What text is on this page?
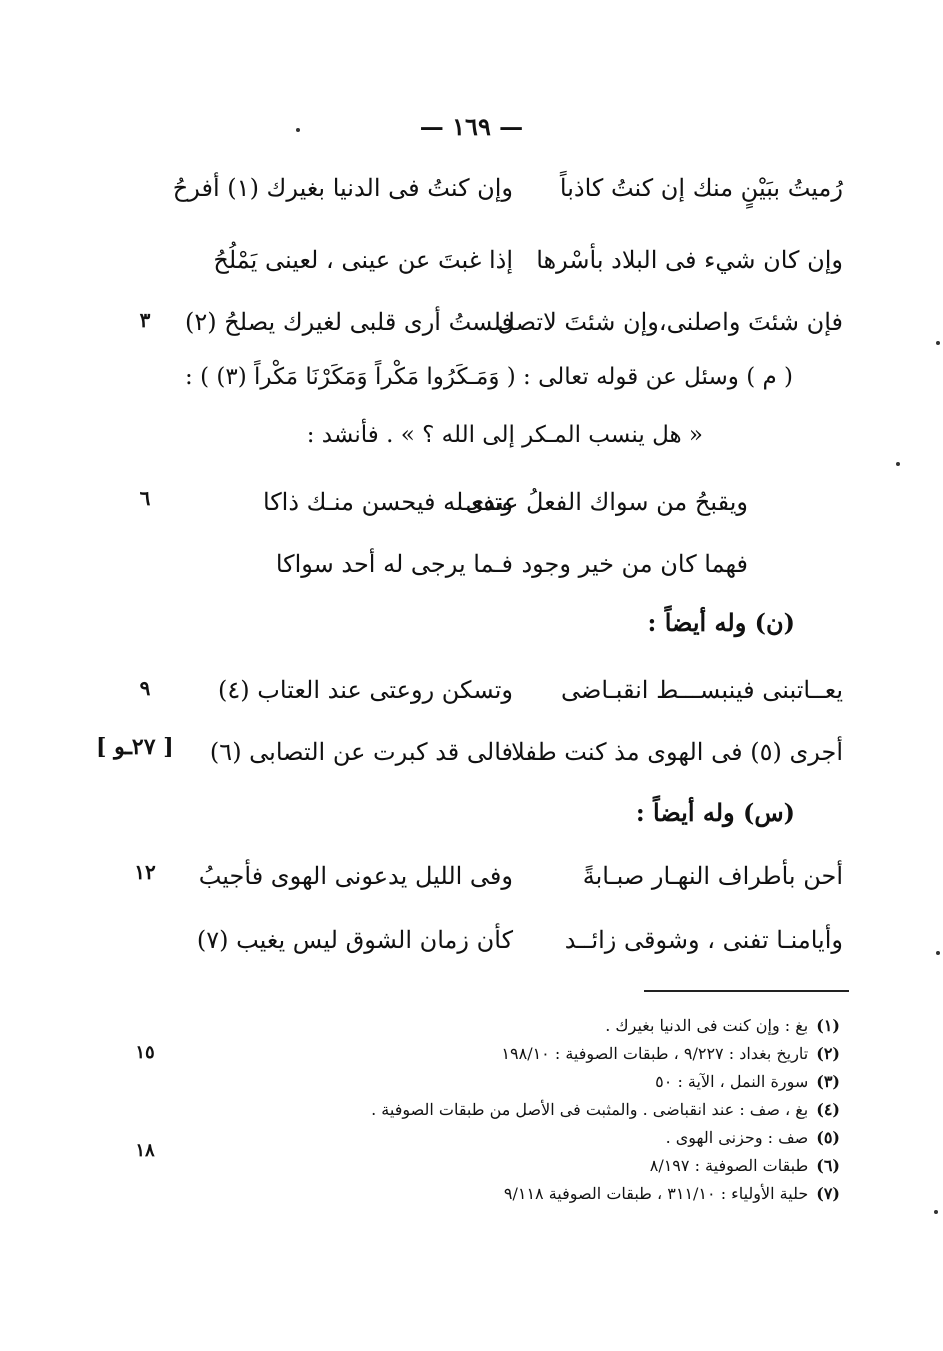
— ١٦٩ —
رُميتُ ببَيْنٍ منك إن كنتُ كاذباً
وإن كنتُ فى الدنيا بغيرك (١) أفرحُ
وإن كان شيء فى البلاد بأسْرها
إذا غبتَ عن عينى ، لعينى يَمْلُحُ
فإن شئتَ واصلنى،وإن شئتَ لاتصل
فلستُ أرى قلبى لغيرك يصلحُ (٢)
٣
( م ) وسئل عن قوله تعالى : ( وَمَـكَرُوا مَكْراً وَمَكَرْنَا مَكْراً (٣) ) :
« هل ينسب المـكر إلى الله ؟ » . فأنشد :
ويقبحُ من سواك الفعلُ عندى
وتفعـله فيحسن منـك ذاكا
٦
فهما كان من خير وجود
فـما يرجى له أحد سواكا
(ن) وله أيضاً :
يعــاتبنى فينبســـط انقبـاضى
وتسكن روعتى عند العتاب (٤)
٩
أجرى (٥) فى الهوى مذ كنت طفلا
فالى قد كبرت عن التصابى (٦)
[ ٢٧ـو ]
(س) وله أيضاً :
أحن بأطراف النهـار صبـابةً
وفى الليل يدعونى الهوى فأجيبُ
١٢
وأيامنـا تفنى ، وشوقى زائــد
كأن زمان الشوق ليس يغيب (٧)
(١)بغ : وإن كنت فى الدنيا بغيرك .
(٢)تاريخ بغداد : ٩/٢٢٧ ، طبقات الصوفية : ١٩٨/١٠
(٣)سورة النمل ، الآية : ٥٠
(٤)بغ ، صف : عند انقباضى . والمثبت فى الأصل من طبقات الصوفية .
(٥)صف : وحزنى الهوى .
(٦)طبقات الصوفية : ٨/١٩٧
(٧)حلية الأولياء : ٣١١/١٠ ، طبقات الصوفية ٩/١١٨
١٥
١٨
